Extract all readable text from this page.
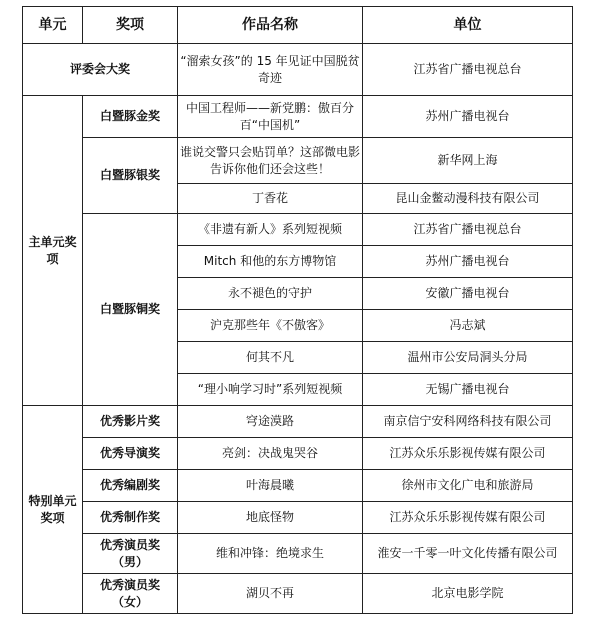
单元	奖项	作品名称	单位
评委会大奖		“溜索女孩”的 15 年见证中国脱贫奇迹	江苏省广播电视总台
主单元奖项	白暨豚金奖	中国工程师——新党鹏：傲百分百“中国机”	苏州广播电视台
	白暨豚银奖	谁说交警只会贴罚单？这部微电影告诉你他们还会这些！	新华网上海
		丁香花	昆山金鳖动漫科技有限公司
	白暨豚铜奖	《非遗有新人》系列短视频	江苏省广播电视总台
		Mitch 和他的东方博物馆	苏州广播电视台
		永不褪色的守护	安徽广播电视台
		沪克那些年《不傲客》	冯志斌
		何其不凡	温州市公安局洞头分局
		“理小响学习时”系列短视频	无锡广播电视台
特别单元奖项	优秀影片奖	穹途漠路	南京信宁安科网络科技有限公司
	优秀导演奖	亮剑：决战鬼哭谷	江苏众乐乐影视传媒有限公司
	优秀编剧奖	叶海晨曦	徐州市文化广电和旅游局
	优秀制作奖	地底怪物	江苏众乐乐影视传媒有限公司
	优秀演员奖（男）	维和冲锋：绝境求生	淮安一千零一叶文化传播有限公司
	优秀演员奖（女）	湖贝不再	北京电影学院
